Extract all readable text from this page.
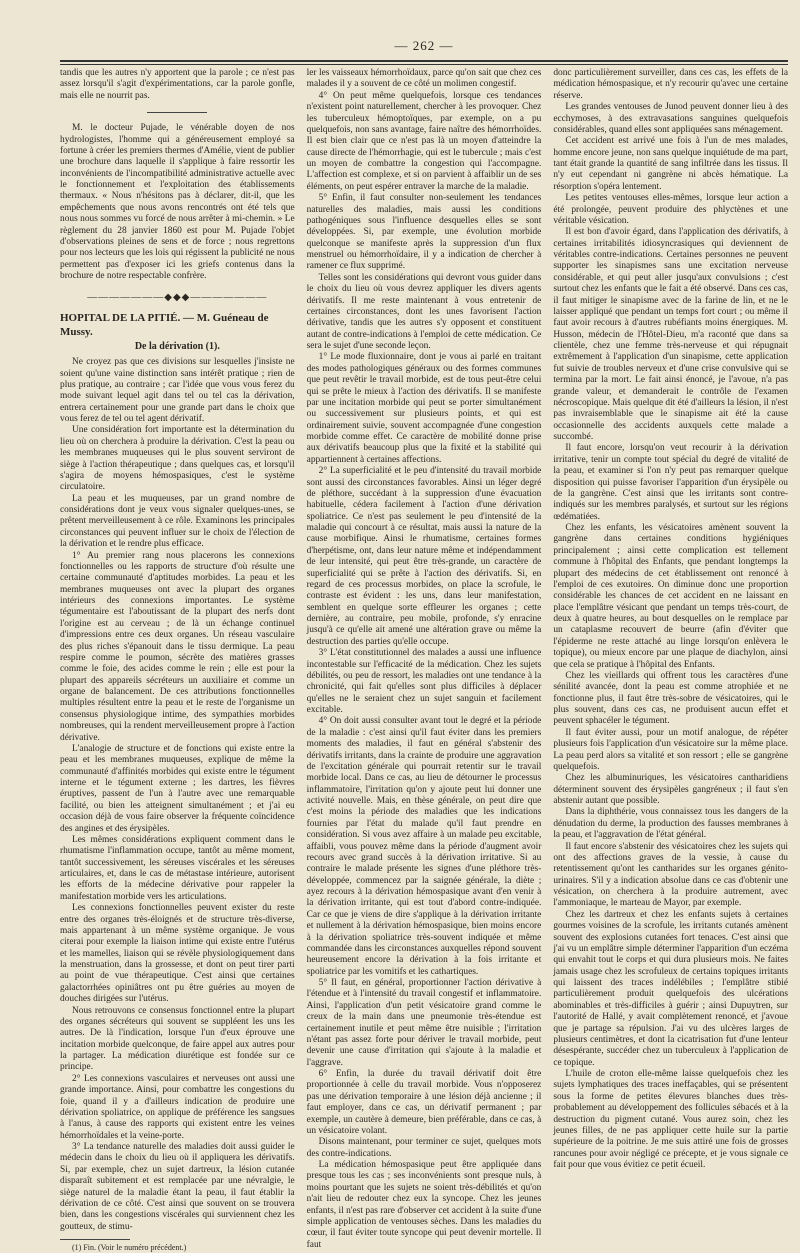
— 262 —

tandis que les autres n'y apportent que la parole ; ce n'est pas assez lorsqu'il s'agit d'expérimentations, car la parole gonfle, mais elle ne nourrit pas.

M. le docteur Pujade, le vénérable doyen de nos hydrologistes, l'homme qui a généreusement employé sa fortune à créer les premiers thermes d'Amélie, vient de publier une brochure dans laquelle il s'applique à faire ressortir les inconvénients de l'incompatibilité administrative actuelle avec le fonctionnement et l'exploitation des établissements thermaux. « Nous n'hésitons pas à déclarer, dit-il, que les empêchements que nous avons rencontrés ont été tels que nous nous sommes vu forcé de nous arrêter à mi-chemin. » Le règlement du 28 janvier 1860 est pour M. Pujade l'objet d'observations pleines de sens et de force ; nous regrettons pour nos lecteurs que les lois qui régissent la publicité ne nous permettent pas d'exposer ici les griefs contenus dans la brochure de notre respectable confrère.

———————◆◆◆———————
HOPITAL DE LA PITIÉ. — M. Guéneau de Mussy.
De la dérivation (1).

Ne croyez pas que ces divisions sur lesquelles j'insiste ne soient qu'une vaine distinction sans intérêt pratique ; rien de plus pratique, au contraire ; car l'idée que vous vous ferez du mode suivant lequel agit dans tel ou tel cas la dérivation, entrera certainement pour une grande part dans le choix que vous ferez de tel ou tel agent dérivatif.

Une considération fort importante est la détermination du lieu où on cherchera à produire la dérivation. C'est la peau ou les membranes muqueuses qui le plus souvent serviront de siège à l'action thérapeutique ; dans quelques cas, et lorsqu'il s'agira de moyens hémospasiques, c'est le système circulatoire.

La peau et les muqueuses, par un grand nombre de considérations dont je veux vous signaler quelques-unes, se prêtent merveilleusement à ce rôle. Examinons les principales circonstances qui peuvent influer sur le choix de l'élection de la dérivation et le rendre plus efficace.

1° Au premier rang nous placerons les connexions fonctionnelles ou les rapports de structure d'où résulte une certaine communauté d'aptitudes morbides. La peau et les membranes muqueuses ont avec la plupart des organes intérieurs des connexions importantes. Le système tégumentaire est l'aboutissant de la plupart des nerfs dont l'origine est au cerveau ; de là un échange continuel d'impressions entre ces deux organes. Un réseau vasculaire des plus riches s'épanouit dans le tissu dermique. La peau respire comme le poumon, sécrète des matières grasses comme le foie, des acides comme le rein ; elle est pour la plupart des appareils sécréteurs un auxiliaire et comme un organe de balancement. De ces attributions fonctionnelles multiples résultent entre la peau et le reste de l'organisme un consensus physiologique intime, des sympathies morbides nombreuses, qui la rendent merveilleusement propre à l'action dérivative.

L'analogie de structure et de fonctions qui existe entre la peau et les membranes muqueuses, explique de même la communauté d'affinités morbides qui existe entre le tégument interne et le tégument externe ; les dartres, les fièvres éruptives, passent de l'un à l'autre avec une remarquable facilité, ou bien les atteignent simultanément ; et j'ai eu occasion déjà de vous faire observer la fréquente coïncidence des angines et des érysipèles.

Les mêmes considérations expliquent comment dans le rhumatisme l'inflammation occupe, tantôt au même moment, tantôt successivement, les séreuses viscérales et les séreuses articulaires, et, dans le cas de métastase intérieure, autorisent les efforts de la médecine dérivative pour rappeler la manifestation morbide vers les articulations.

Les connexions fonctionnelles peuvent exister du reste entre des organes très-éloignés et de structure très-diverse, mais appartenant à un même système organique. Je vous citerai pour exemple la liaison intime qui existe entre l'utérus et les mamelles, liaison qui se révèle physiologiquement dans la menstruation, dans la grossesse, et dont on peut tirer parti au point de vue thérapeutique. C'est ainsi que certaines galactorrhées opiniâtres ont pu être guéries au moyen de douches dirigées sur l'utérus.

Nous retrouvons ce consensus fonctionnel entre la plupart des organes sécréteurs qui souvent se suppléent les uns les autres. De là l'indication, lorsque l'un d'eux éprouve une incitation morbide quelconque, de faire appel aux autres pour la partager. La médication diurétique est fondée sur ce principe.

2° Les connexions vasculaires et nerveuses ont aussi une grande importance. Ainsi, pour combattre les congestions du foie, quand il y a d'ailleurs indication de produire une dérivation spoliatrice, on applique de préférence les sangsues à l'anus, à cause des rapports qui existent entre les veines hémorrhoïdales et la veine-porte.

3° La tendance naturelle des maladies doit aussi guider le médecin dans le choix du lieu où il appliquera les dérivatifs. Si, par exemple, chez un sujet dartreux, la lésion cutanée disparaît subitement et est remplacée par une névralgie, le siège naturel de la maladie étant la peau, il faut établir la dérivation de ce côté. C'est ainsi que souvent on se trouvera bien, dans les congestions viscérales qui surviennent chez les goutteux, de stimu-

(1) Fin. (Voir le numéro précédent.)

ler les vaisseaux hémorrhoïdaux, parce qu'on sait que chez ces malades il y a souvent de ce côté un molimen congestif.

4° On peut même quelquefois, lorsque ces tendances n'existent point naturellement, chercher à les provoquer. Chez les tuberculeux hémoptoïques, par exemple, on a pu quelquefois, non sans avantage, faire naître des hémorrhoïdes. Il est bien clair que ce n'est pas là un moyen d'atteindre la cause directe de l'hémorrhagie, qui est le tubercule ; mais c'est un moyen de combattre la congestion qui l'accompagne. L'affection est complexe, et si on parvient à affaiblir un de ses éléments, on peut espérer entraver la marche de la maladie.

5° Enfin, il faut consulter non-seulement les tendances naturelles des maladies, mais aussi les conditions pathogéniques sous l'influence desquelles elles se sont développées. Si, par exemple, une évolution morbide quelconque se manifeste après la suppression d'un flux menstruel ou hémorrhoïdaire, il y a indication de chercher à ramener ce flux supprimé.

Telles sont les considérations qui devront vous guider dans le choix du lieu où vous devrez appliquer les divers agents dérivatifs. Il me reste maintenant à vous entretenir de certaines circonstances, dont les unes favorisent l'action dérivative, tandis que les autres s'y opposent et constituent autant de contre-indications à l'emploi de cette médication. Ce sera le sujet d'une seconde leçon.

1° Le mode fluxionnaire, dont je vous ai parlé en traitant des modes pathologiques généraux ou des formes communes que peut revêtir le travail morbide, est de tous peut-être celui qui se prête le mieux à l'action des dérivatifs. Il se manifeste par une incitation morbide qui peut se porter simultanément ou successivement sur plusieurs points, et qui est ordinairement suivie, souvent accompagnée d'une congestion morbide comme effet. Ce caractère de mobilité donne prise aux dérivatifs beaucoup plus que la fixité et la stabilité qui appartiennent à certaines affections.

2° La superficialité et le peu d'intensité du travail morbide sont aussi des circonstances favorables. Ainsi un léger degré de pléthore, succédant à la suppression d'une évacuation habituelle, cédera facilement à l'action d'une dérivation spoliatrice. Ce n'est pas seulement le peu d'intensité de la maladie qui concourt à ce résultat, mais aussi la nature de la cause morbifique. Ainsi le rhumatisme, certaines formes d'herpétisme, ont, dans leur nature même et indépendamment de leur intensité, qui peut être très-grande, un caractère de superficialité qui se prête à l'action des dérivatifs. Si, en regard de ces processus morbides, on place la scrofule, le contraste est évident : les uns, dans leur manifestation, semblent en quelque sorte effleurer les organes ; cette dernière, au contraire, peu mobile, profonde, s'y enracine jusqu'à ce qu'elle ait amené une altération grave ou même la destruction des parties qu'elle occupe.

3° L'état constitutionnel des malades a aussi une influence incontestable sur l'efficacité de la médication. Chez les sujets débilités, ou peu de ressort, les maladies ont une tendance à la chronicité, qui fait qu'elles sont plus difficiles à déplacer qu'elles ne le seraient chez un sujet sanguin et facilement excitable.

4° On doit aussi consulter avant tout le degré et la période de la maladie : c'est ainsi qu'il faut éviter dans les premiers moments des maladies, il faut en général s'abstenir des dérivatifs irritants, dans la crainte de produire une aggravation de l'excitation générale qui pourrait retentir sur le travail morbide local. Dans ce cas, au lieu de détourner le processus inflammatoire, l'irritation qu'on y ajoute peut lui donner une activité nouvelle. Mais, en thèse générale, on peut dire que c'est moins la période des maladies que les indications fournies par l'état du malade qu'il faut prendre en considération. Si vous avez affaire à un malade peu excitable, affaibli, vous pouvez même dans la période d'augment avoir recours avec grand succès à la dérivation irritative. Si au contraire le malade présente les signes d'une pléthore très-développée, commencez par la saignée générale, la diète ; ayez recours à la dérivation hémospasique avant d'en venir à la dérivation irritante, qui est tout d'abord contre-indiquée. Car ce que je viens de dire s'applique à la dérivation irritante et nullement à la dérivation hémospasique, bien moins encore à la dérivation spoliatrice très-souvent indiquée et même commandée dans les circonstances auxquelles répond souvent heureusement encore la dérivation à la fois irritante et spoliatrice par les vomitifs et les cathartiques.

5° Il faut, en général, proportionner l'action dérivative à l'étendue et à l'intensité du travail congestif et inflammatoire. Ainsi, l'application d'un petit vésicatoire grand comme le creux de la main dans une pneumonie très-étendue est certainement inutile et peut même être nuisible ; l'irritation n'étant pas assez forte pour dériver le travail morbide, peut devenir une cause d'irritation qui s'ajoute à la maladie et l'aggrave.

6° Enfin, la durée du travail dérivatif doit être proportionnée à celle du travail morbide. Vous n'opposerez pas une dérivation temporaire à une lésion déjà ancienne ; il faut employer, dans ce cas, un dérivatif permanent ; par exemple, un cautère à demeure, bien préférable, dans ce cas, à un vésicatoire volant.

Disons maintenant, pour terminer ce sujet, quelques mots des contre-indications.

La médication hémospasique peut être appliquée dans presque tous les cas ; ses inconvénients sont presque nuls, à moins pourtant que les sujets ne soient très-débilités et qu'on n'ait lieu de redouter chez eux la syncope. Chez les jeunes enfants, il n'est pas rare d'observer cet accident à la suite d'une simple application de ventouses sèches. Dans les maladies du cœur, il faut éviter toute syncope qui peut devenir mortelle. Il faut

donc particulièrement surveiller, dans ces cas, les effets de la médication hémospasique, et n'y recourir qu'avec une certaine réserve.

Les grandes ventouses de Junod peuvent donner lieu à des ecchymoses, à des extravasations sanguines quelquefois considérables, quand elles sont appliquées sans ménagement.

Cet accident est arrivé une fois à l'un de mes malades, homme encore jeune, non sans quelque inquiétude de ma part, tant était grande la quantité de sang infiltrée dans les tissus. Il n'y eut cependant ni gangrène ni abcès hématique. La résorption s'opéra lentement.

Les petites ventouses elles-mêmes, lorsque leur action a été prolongée, peuvent produire des phlyctènes et une véritable vésication.

Il est bon d'avoir égard, dans l'application des dérivatifs, à certaines irritabilités idiosyncrasiques qui deviennent de véritables contre-indications. Certaines personnes ne peuvent supporter les sinapismes sans une excitation nerveuse considérable, et qui peut aller jusqu'aux convulsions ; c'est surtout chez les enfants que le fait a été observé. Dans ces cas, il faut mitiger le sinapisme avec de la farine de lin, et ne le laisser appliqué que pendant un temps fort court ; ou même il faut avoir recours à d'autres rubéfiants moins énergiques. M. Husson, médecin de l'Hôtel-Dieu, m'a raconté que dans sa clientèle, chez une femme très-nerveuse et qui répugnait extrêmement à l'application d'un sinapisme, cette application fut suivie de troubles nerveux et d'une crise convulsive qui se termina par la mort. Le fait ainsi énoncé, je l'avoue, n'a pas grande valeur, et demanderait le contrôle de l'examen nécroscopique. Mais quelque dit été d'ailleurs la lésion, il n'est pas invraisemblable que le sinapisme ait été la cause occasionnelle des accidents auxquels cette malade a succombé.

Il faut encore, lorsqu'on veut recourir à la dérivation irritative, tenir un compte tout spécial du degré de vitalité de la peau, et examiner si l'on n'y peut pas remarquer quelque disposition qui puisse favoriser l'apparition d'un érysipèle ou de la gangrène. C'est ainsi que les irritants sont contre-indiqués sur les membres paralysés, et surtout sur les régions œdématiées.

Chez les enfants, les vésicatoires amènent souvent la gangrène dans certaines conditions hygiéniques principalement ; ainsi cette complication est tellement commune à l'hôpital des Enfants, que pendant longtemps la plupart des médecins de cet établissement ont renoncé à l'emploi de ces exutoires. On diminue donc une proportion considérable les chances de cet accident en ne laissant en place l'emplâtre vésicant que pendant un temps très-court, de deux à quatre heures, au bout desquelles on le remplace par un cataplasme recouvert de beurre (afin d'éviter que l'épiderme ne reste attaché au linge lorsqu'on enlèvera le topique), ou mieux encore par une plaque de diachylon, ainsi que cela se pratique à l'hôpital des Enfants.

Chez les vieillards qui offrent tous les caractères d'une sénilité avancée, dont la peau est comme atrophiée et ne fonctionne plus, il faut être très-sobre de vésicatoires, qui le plus souvent, dans ces cas, ne produisent aucun effet et peuvent sphacéler le tégument.

Il faut éviter aussi, pour un motif analogue, de répéter plusieurs fois l'application d'un vésicatoire sur la même place. La peau perd alors sa vitalité et son ressort ; elle se gangrène quelquefois.

Chez les albuminuriques, les vésicatoires cantharidiens déterminent souvent des érysipèles gangréneux ; il faut s'en abstenir autant que possible.

Dans la diphthérie, vous connaissez tous les dangers de la dénudation du derme, la production des fausses membranes à la peau, et l'aggravation de l'état général.

Il faut encore s'abstenir des vésicatoires chez les sujets qui ont des affections graves de la vessie, à cause du retentissement qu'ont les cantharides sur les organes génito-urinaires. S'il y a indication absolue dans ce cas d'obtenir une vésication, on cherchera à la produire autrement, avec l'ammoniaque, le marteau de Mayor, par exemple.

Chez les dartreux et chez les enfants sujets à certaines gourmes voisines de la scrofule, les irritants cutanés amènent souvent des explosions cutanées fort tenaces. C'est ainsi que j'ai vu un emplâtre simple déterminer l'apparition d'un eczéma qui envahit tout le corps et qui dura plusieurs mois. Ne faites jamais usage chez les scrofuleux de certains topiques irritants qui laissent des traces indélébiles ; l'emplâtre stibié particulièrement produit quelquefois des ulcérations abominables et très-difficiles à guérir ; ainsi Dupuytren, sur l'autorité de Hallé, y avait complètement renoncé, et j'avoue que je partage sa répulsion. J'ai vu des ulcères larges de plusieurs centimètres, et dont la cicatrisation fut d'une lenteur désespérante, succéder chez un tuberculeux à l'application de ce topique.

L'huile de croton elle-même laisse quelquefois chez les sujets lymphatiques des traces ineffaçables, qui se présentent sous la forme de petites élevures blanches dues très-probablement au développement des follicules sébacés et à la destruction du pigment cutané. Vous aurez soin, chez les jeunes filles, de ne pas appliquer cette huile sur la partie supérieure de la poitrine. Je me suis attiré une fois de grosses rancunes pour avoir négligé ce précepte, et je vous signale ce fait pour que vous évitiez ce petit écueil.
